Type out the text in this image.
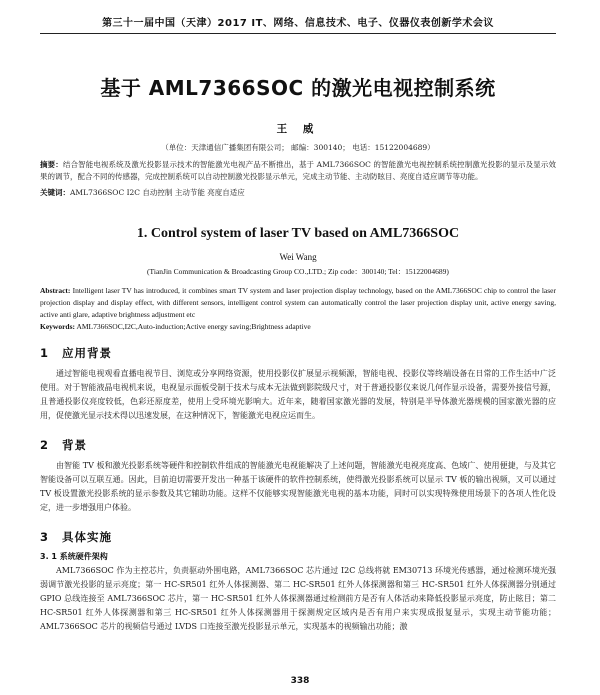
第三十一届中国（天津）2017 IT、网络、信息技术、电子、仪器仪表创新学术会议
基于 AML7366SOC 的激光电视控制系统
王 威
（单位：天津通信广播集团有限公司； 邮编：300140； 电话：15122004689）
摘要：结合智能电视系统及激光投影显示技术的智能激光电视产品不断推出，基于 AML7366SOC 的智能激光电视控制系统控制激光投影的显示及显示效果的调节，配合不同的传感器，完成控制系统可以自动控制激光投影显示单元，完成主动节能、主动防眩目、亮度自适应调节等功能。
关键词：AML7366SOC I2C 自动控制 主动节能 亮度自适应
1. Control system of laser TV based on AML7366SOC
Wei Wang
(TianJin Communication & Broadcasting Group CO.,LTD.; Zip code：300140; Tel：15122004689)
Abstract: Intelligent laser TV has introduced, it combines smart TV system and laser projection display technology, based on the AML7366SOC chip to control the laser projection display and display effect, with different sensors, intelligent control system can automatically control the laser projection display unit, active energy saving, active anti glare, adaptive brightness adjustment etc
Keywords: AML7366SOC,I2C,Auto-induction;Active energy saving;Brightness adaptive
1 应用背景

通过智能电视观看直播电视节目、浏览或分享网络资源，使用投影仪扩展显示视频源，智能电视、投影仪等终端设备在日常的工作生活中广泛使用。对于智能液晶电视机来说，电视显示面板受制于技术与成本无法做到影院级尺寸，对于普通投影仪来说几何作显示设备，需要外接信号源，且普通投影仪亮度较低，色彩还原度差，使用上受环境光影响大。近年来，随着国家激光器的发展，特别是半导体激光器规模的国家激光器的应用，促使激光显示技术得以迅速发展，在这种情况下，智能激光电视应运而生。

2 背景

由智能 TV 板和激光投影系统等硬件和控制软件组成的智能激光电视能解决了上述问题，智能激光电视亮度高、色域广、使用便捷，与及其它智能设备可以互联互通。因此，目前迫切需要开发出一种基于该硬件的软件控制系统，使得激光投影系统可以显示 TV 板的输出视频，又可以通过 TV 板设置激光投影系统的显示参数及其它辅助功能。这样不仅能够实现智能激光电视的基本功能，同时可以实现特殊使用场景下的各项人性化设定，进一步增强用户体验。

3 具体实施
3. 1 系统硬件架构

AML7366SOC 作为主控芯片，负责驱动外围电路，AML7366SOC 芯片通过 I2C 总线将就 EM30713 环境光传感器，通过检测环境光强弱调节激光投影的显示亮度；第一 HC-SR501 红外人体探测器、第二 HC-SR501 红外人体探测器和第三 HC-SR501 红外人体探测器分别通过 GPIO 总线连接至 AML7366SOC 芯片，第一 HC-SR501 红外人体探测器通过检测前方是否有人体活动来降低投影显示亮度，防止眩目；第二 HC-SR501 红外人体探测器和第三 HC-SR501 红外人体探测器用于探测规定区域内是否有用户来实现成报复显示，实现主动节能功能；AML7366SOC 芯片的视频信号通过 LVDS 口连接至激光投影显示单元，实现基本的视频输出功能；激

338
